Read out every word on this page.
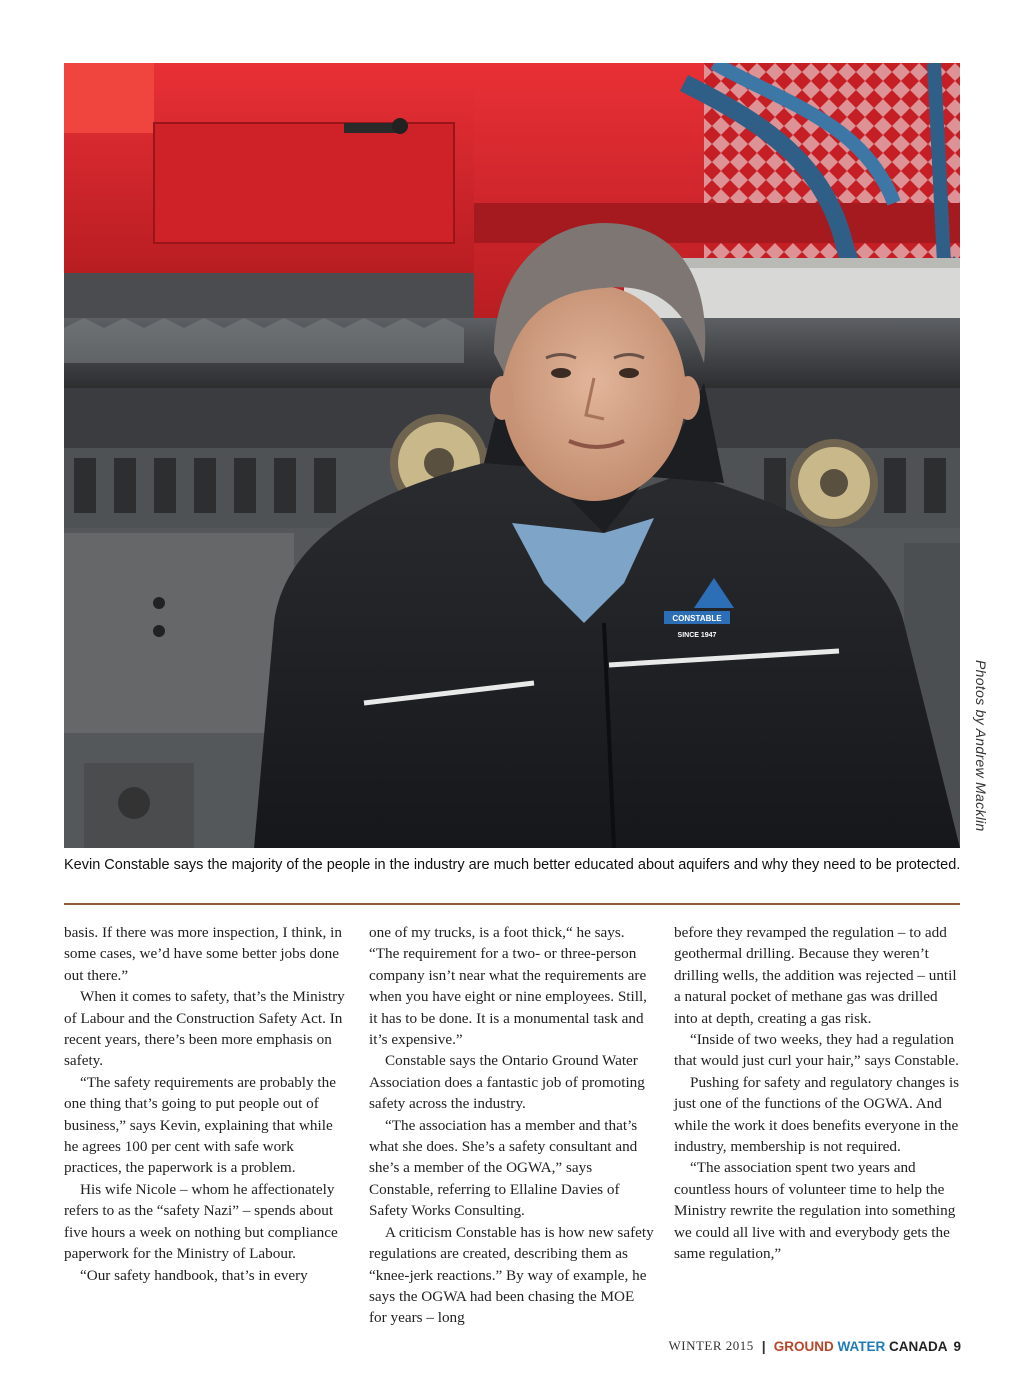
CONSTABLE
SINCE 1947
Photos by Andrew Macklin
Kevin Constable says the majority of the people in the industry are much better educated about aquifers and why they need to be protected.

basis. If there was more inspection, I think, in some cases, we’d have some better jobs done out there.”

When it comes to safety, that’s the Ministry of Labour and the Construction Safety Act. In recent years, there’s been more emphasis on safety.

“The safety requirements are probably the one thing that’s going to put people out of business,” says Kevin, explaining that while he agrees 100 per cent with safe work practices, the paperwork is a problem.

His wife Nicole – whom he affectionately refers to as the “safety Nazi” – spends about five hours a week on nothing but compliance paperwork for the Ministry of Labour.

“Our safety handbook, that’s in every

one of my trucks, is a foot thick,“ he says. “The requirement for a two- or three-person company isn’t near what the requirements are when you have eight or nine employees. Still, it has to be done. It is a monumental task and it’s expensive.”

Constable says the Ontario Ground Water Association does a fantastic job of promoting safety across the industry.

“The association has a member and that’s what she does. She’s a safety consultant and she’s a member of the OGWA,” says Constable, referring to Ellaline Davies of Safety Works Consulting.

A criticism Constable has is how new safety regulations are created, describing them as “knee-jerk reactions.” By way of example, he says the OGWA had been chasing the MOE for years – long

before they revamped the regulation – to add geothermal drilling. Because they weren’t drilling wells, the addition was rejected – until a natural pocket of methane gas was drilled into at depth, creating a gas risk.

“Inside of two weeks, they had a regulation that would just curl your hair,” says Constable.

Pushing for safety and regulatory changes is just one of the functions of the OGWA. And while the work it does benefits everyone in the industry, membership is not required.

“The association spent two years and countless hours of volunteer time to help the Ministry rewrite the regulation into something we could all live with and everybody gets the same regulation,”

WINTER 2015 | GROUND WATER CANADA 9
